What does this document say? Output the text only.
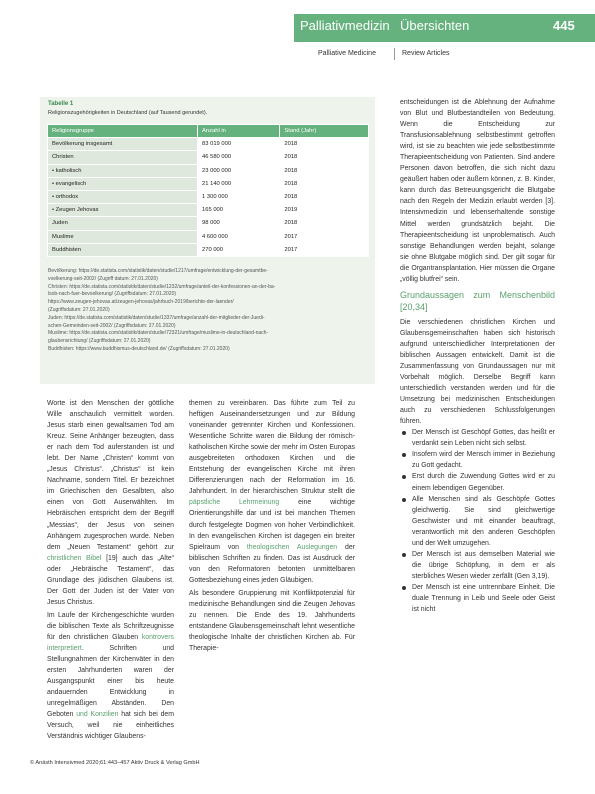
Palliativmedizin Übersichten	445
Palliative Medicine	Review Articles
Tabelle 1
Religionszugehörigkeiten in Deutschland (auf Tausend gerundet).
Religionsgruppe	Anzahl in	Stand (Jahr)
Bevölkerung insgesamt	83 019 000	2018
Christen	46 580 000	2018
• katholisch	23 000 000	2018
• evangelisch	21 140 000	2018
• orthodox	1 300 000	2018
• Zeugen Jehovas	165 000	2019
Juden	98 000	2018
Muslime	4 600 000	2017
Buddhisten	270 000	2017
Bevölkerung: https://de.statista.com/statistik/daten/studie/1217/umfrage/entwicklung-der-gesamtbe-
voelkerung-seit-2002/ (Zugriff datum: 27.01.2020)
Christen: https://de.statista.com/statistik/daten/studie/1232/umfrage/anteil-der-konfessionen-an-der-ba-
lsob-nach-fuer-bevoelkerung/ (Zugriffsdatum: 27.01.2020)
https://www.zeugen-jehovas.at/zeugen-jehovas/jahrbuch-2019/berichte-der-laender/
(Zugriffsdatum: 27.01.2020)
Juden: https://de.statista.com/statistik/daten/studie/1337/umfrage/anzahl-der-mitglieder-der-Juedi-
schen-Gemeinden-seit-2002/ (Zugriffsdatum: 27.01.2020)
Muslime: https://de.statista.com/statistik/daten/studie/72321/umfrage/muslime-in-deutschland-nach-
glaubensrichtung/ (Zugriffsdatum: 27.01.2020)
Buddhisten: https://www.buddhismus-deutschland.de/ (Zugriffsdatum: 27.01.2020)

Worte ist den Menschen der göttliche Wille anschaulich vermittelt worden. Jesus starb einen gewaltsamen Tod am Kreuz. Seine Anhänger bezeugten, dass er nach dem Tod auferstanden ist und lebt. Der Name „Christen“ kommt von „Jesus Christus“. „Christus“ ist kein Nachname, sondern Titel. Er bezeichnet im Griechischen den Gesalbten, also einen von Gott Auserwählten. Im Hebräischen entspricht dem der Begriff „Messias“, der Jesus von seinen Anhängern zugesprochen wurde. Neben dem „Neuen Testament“ gehört zur christlichen Bibel [19] auch das „Alte“ oder „Hebräische Testament“, das Grundlage des jüdischen Glaubens ist. Der Gott der Juden ist der Vater von Jesus Christus.

Im Laufe der Kirchengeschichte wurden die biblischen Texte als Schriftzeugnisse für den christlichen Glauben kontrovers interpretiert. Schriften und Stellungnahmen der Kirchenväter in den ersten Jahrhunderten waren der Ausgangspunkt einer bis heute andauernden Entwicklung in unregelmäßigen Abständen. Den Geboten und Konzilien hat sich bei dem Versuch, weil nie einheitliches Verständnis wichtiger Glaubens-

themen zu vereinbaren. Das führte zum Teil zu heftigen Auseinandersetzungen und zur Bildung voneinander getrennter Kirchen und Konfessionen. Wesentliche Schritte waren die Bildung der römisch-katholischen Kirche sowie der mehr im Osten Europas ausgebreiteten orthodoxen Kirchen und die Entstehung der evangelischen Kirche mit ihren Differenzierungen nach der Reformation im 16. Jahrhundert. In der hierarchischen Struktur stellt die päpstliche Lehrmeinung eine wichtige Orientierungshilfe dar und ist bei manchen Themen durch festgelegte Dogmen von hoher Verbindlichkeit. In den evangelischen Kirchen ist dagegen ein breiter Spielraum von theologischen Auslegungen der biblischen Schriften zu finden. Das ist Ausdruck der von den Reformatoren betonten unmittelbaren Gottesbeziehung eines jeden Gläubigen.

Als besondere Gruppierung mit Konfliktpotenzial für medizinische Behandlungen sind die Zeugen Jehovas zu nennen. Die Ende des 19. Jahrhunderts entstandene Glaubensgemeinschaft lehnt wesentliche theologische Inhalte der christlichen Kirchen ab. Für Therapie-

entscheidungen ist die Ablehnung der Aufnahme von Blut und Blutbestandteilen von Bedeutung. Wenn die Entscheidung zur Transfusionsablehnung selbstbestimmt getroffen wird, ist sie zu beachten wie jede selbstbestimmte Therapieentscheidung von Patienten. Sind andere Personen davon betroffen, die sich nicht dazu geäußert haben oder äußern können, z. B. Kinder, kann durch das Betreuungsgericht die Blutgabe nach den Regeln der Medizin erlaubt werden [3]. Intensivmedizin und lebenserhaltende sonstige Mittel werden grundsätzlich bejaht. Die Therapieentscheidung ist unproblematisch. Auch sonstige Behandlungen werden bejaht, solange sie ohne Blutgabe möglich sind. Der gilt sogar für die Organtransplantation. Hier müssen die Organe „völlig blutfrei“ sein.

Grundaussagen zum Menschenbild [20,34]

Die verschiedenen christlichen Kirchen und Glaubensgemeinschaften haben sich historisch aufgrund unterschiedlicher Interpretationen der biblischen Aussagen entwickelt. Damit ist die Zusammenfassung von Grundaussagen nur mit Vorbehalt möglich. Derselbe Begriff kann unterschiedlich verstanden werden und für die Umsetzung bei medizinischen Entscheidungen auch zu verschiedenen Schlussfolgerungen führen.

Der Mensch ist Geschöpf Gottes, das heißt er verdankt sein Leben nicht sich selbst.
Insofern wird der Mensch immer in Beziehung zu Gott gedacht.
Erst durch die Zuwendung Gottes wird er zu einem lebendigen Gegenüber.
Alle Menschen sind als Geschöpfe Gottes gleichwertig. Sie sind gleichwertige Geschwister und mit einander beauftragt, verantwortlich mit den anderen Geschöpfen und der Welt umzugehen.
Der Mensch ist aus demselben Material wie die übrige Schöpfung, in dem er als sterbliches Wesen wieder zerfällt (Gen 3,19).
Der Mensch ist eine untrennbare Einheit. Die duale Trennung in Leib und Seele oder Geist ist nicht
© Anästh Intensivmed 2020;61:443–457 Aktiv Druck & Verlag GmbH
